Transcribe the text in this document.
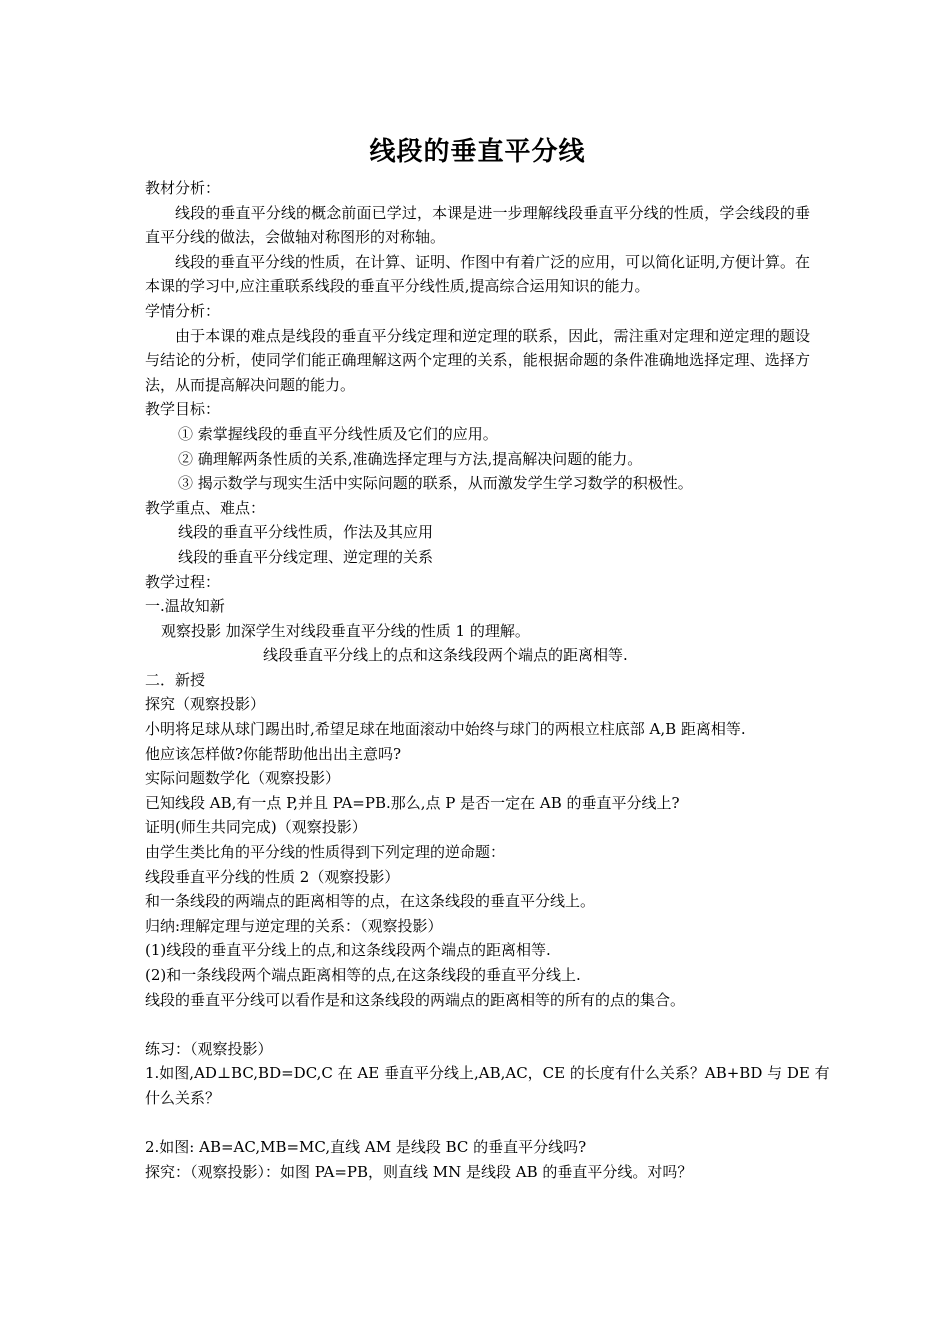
线段的垂直平分线

教材分析：

线段的垂直平分线的概念前面已学过，本课是进一步理解线段垂直平分线的性质，学会线段的垂直平分线的做法，会做轴对称图形的对称轴。

线段的垂直平分线的性质，在计算、证明、作图中有着广泛的应用，可以简化证明,方便计算。在本课的学习中,应注重联系线段的垂直平分线性质,提高综合运用知识的能力。

学情分析：

由于本课的难点是线段的垂直平分线定理和逆定理的联系，因此，需注重对定理和逆定理的题设与结论的分析，使同学们能正确理解这两个定理的关系，能根据命题的条件准确地选择定理、选择方法，从而提高解决问题的能力。

教学目标：

① 索掌握线段的垂直平分线性质及它们的应用。

② 确理解两条性质的关系,准确选择定理与方法,提高解决问题的能力。

③ 揭示数学与现实生活中实际问题的联系，从而激发学生学习数学的积极性。

教学重点、难点：

线段的垂直平分线性质，作法及其应用

线段的垂直平分线定理、逆定理的关系

教学过程：

一.温故知新

观察投影 加深学生对线段垂直平分线的性质 1 的理解。

线段垂直平分线上的点和这条线段两个端点的距离相等.

二．新授

探究（观察投影）

小明将足球从球门踢出时,希望足球在地面滚动中始终与球门的两根立柱底部 A,B 距离相等.

他应该怎样做?你能帮助他出出主意吗?

实际问题数学化（观察投影）

已知线段 AB,有一点 P,并且 PA=PB.那么,点 P 是否一定在 AB 的垂直平分线上?

证明(师生共同完成)（观察投影）

由学生类比角的平分线的性质得到下列定理的逆命题：

线段垂直平分线的性质 2（观察投影）

和一条线段的两端点的距离相等的点，在这条线段的垂直平分线上。

归纳:理解定理与逆定理的关系：（观察投影）

(1)线段的垂直平分线上的点,和这条线段两个端点的距离相等.

(2)和一条线段两个端点距离相等的点,在这条线段的垂直平分线上.

线段的垂直平分线可以看作是和这条线段的两端点的距离相等的所有的点的集合。

练习：（观察投影）

1.如图,AD⊥BC,BD=DC,C 在 AE 垂直平分线上,AB,AC，CE 的长度有什么关系？AB+BD 与 DE 有

什么关系？

2.如图: AB=AC,MB=MC,直线 AM 是线段 BC 的垂直平分线吗?

探究：（观察投影）：如图 PA=PB，则直线 MN 是线段 AB 的垂直平分线。对吗？
